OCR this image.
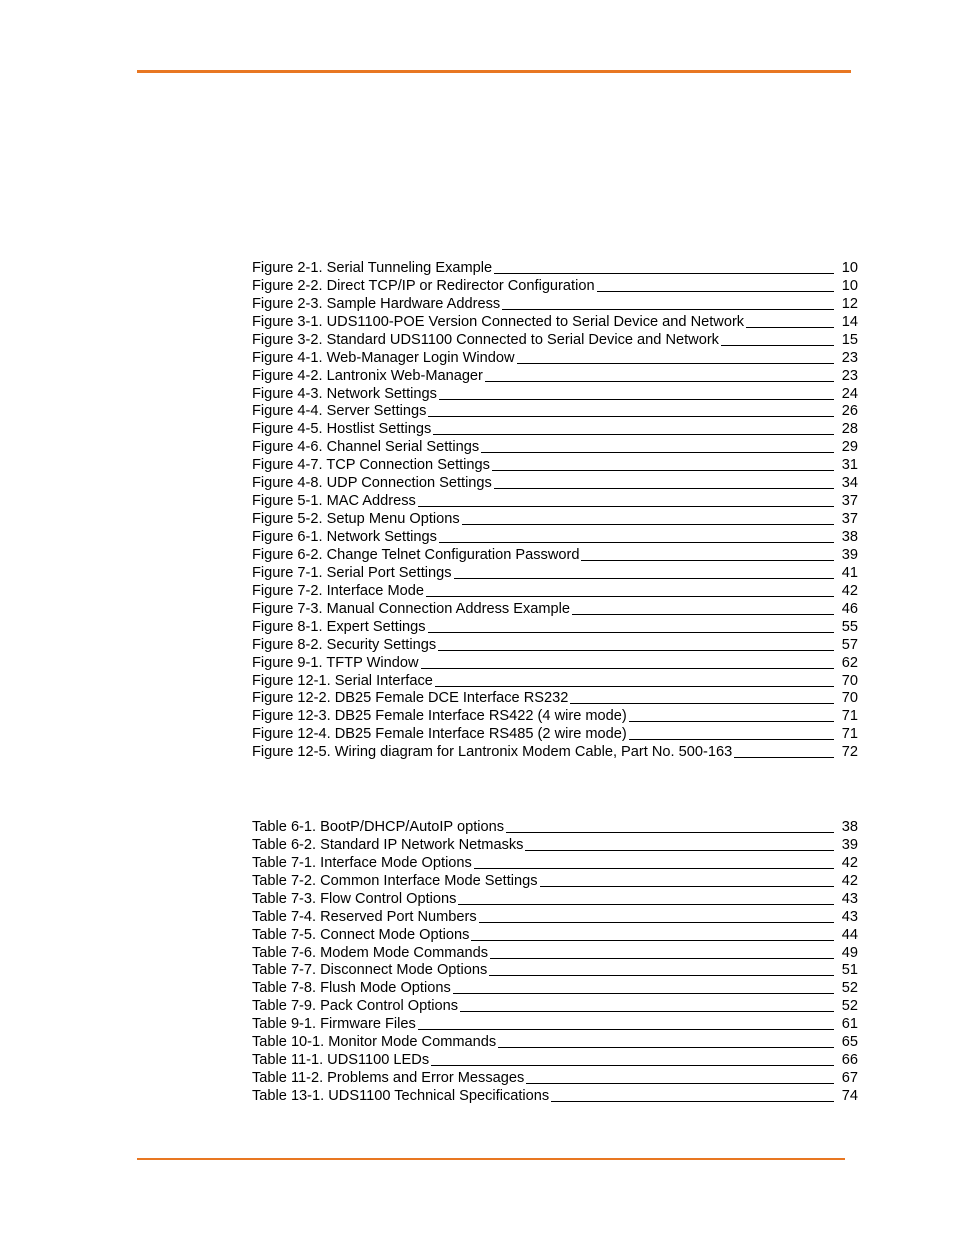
Figure 2-1. Serial Tunneling Example	10
Figure 2-2. Direct TCP/IP or Redirector Configuration	10
Figure 2-3. Sample Hardware Address	12
Figure 3-1. UDS1100-POE Version Connected to Serial Device and Network	14
Figure 3-2. Standard UDS1100 Connected to Serial Device and Network	15
Figure 4-1. Web-Manager Login Window	23
Figure 4-2. Lantronix Web-Manager	23
Figure 4-3. Network Settings	24
Figure 4-4. Server Settings	26
Figure 4-5. Hostlist Settings	28
Figure 4-6. Channel Serial Settings	29
Figure 4-7. TCP Connection Settings	31
Figure 4-8. UDP Connection Settings	34
Figure 5-1. MAC Address	37
Figure 5-2. Setup Menu Options	37
Figure 6-1. Network Settings	38
Figure 6-2. Change Telnet Configuration Password	39
Figure 7-1. Serial Port Settings	41
Figure 7-2. Interface Mode	42
Figure 7-3. Manual Connection Address Example	46
Figure 8-1. Expert Settings	55
Figure 8-2. Security Settings	57
Figure 9-1. TFTP Window	62
Figure 12-1. Serial Interface	70
Figure 12-2. DB25 Female DCE Interface RS232	70
Figure 12-3. DB25 Female Interface RS422 (4 wire mode)	71
Figure 12-4. DB25 Female Interface RS485 (2 wire mode)	71
Figure 12-5. Wiring diagram for Lantronix Modem Cable, Part No. 500-163	72
Table 6-1. BootP/DHCP/AutoIP options	38
Table 6-2. Standard IP Network Netmasks	39
Table 7-1. Interface Mode Options	42
Table 7-2. Common Interface Mode Settings	42
Table 7-3. Flow Control Options	43
Table 7-4. Reserved Port Numbers	43
Table 7-5. Connect Mode Options	44
Table 7-6. Modem Mode Commands	49
Table 7-7. Disconnect Mode Options	51
Table 7-8. Flush Mode Options	52
Table 7-9. Pack Control Options	52
Table 9-1. Firmware Files	61
Table 10-1. Monitor Mode Commands	65
Table 11-1. UDS1100 LEDs	66
Table 11-2. Problems and Error Messages	67
Table 13-1. UDS1100 Technical Specifications	74
